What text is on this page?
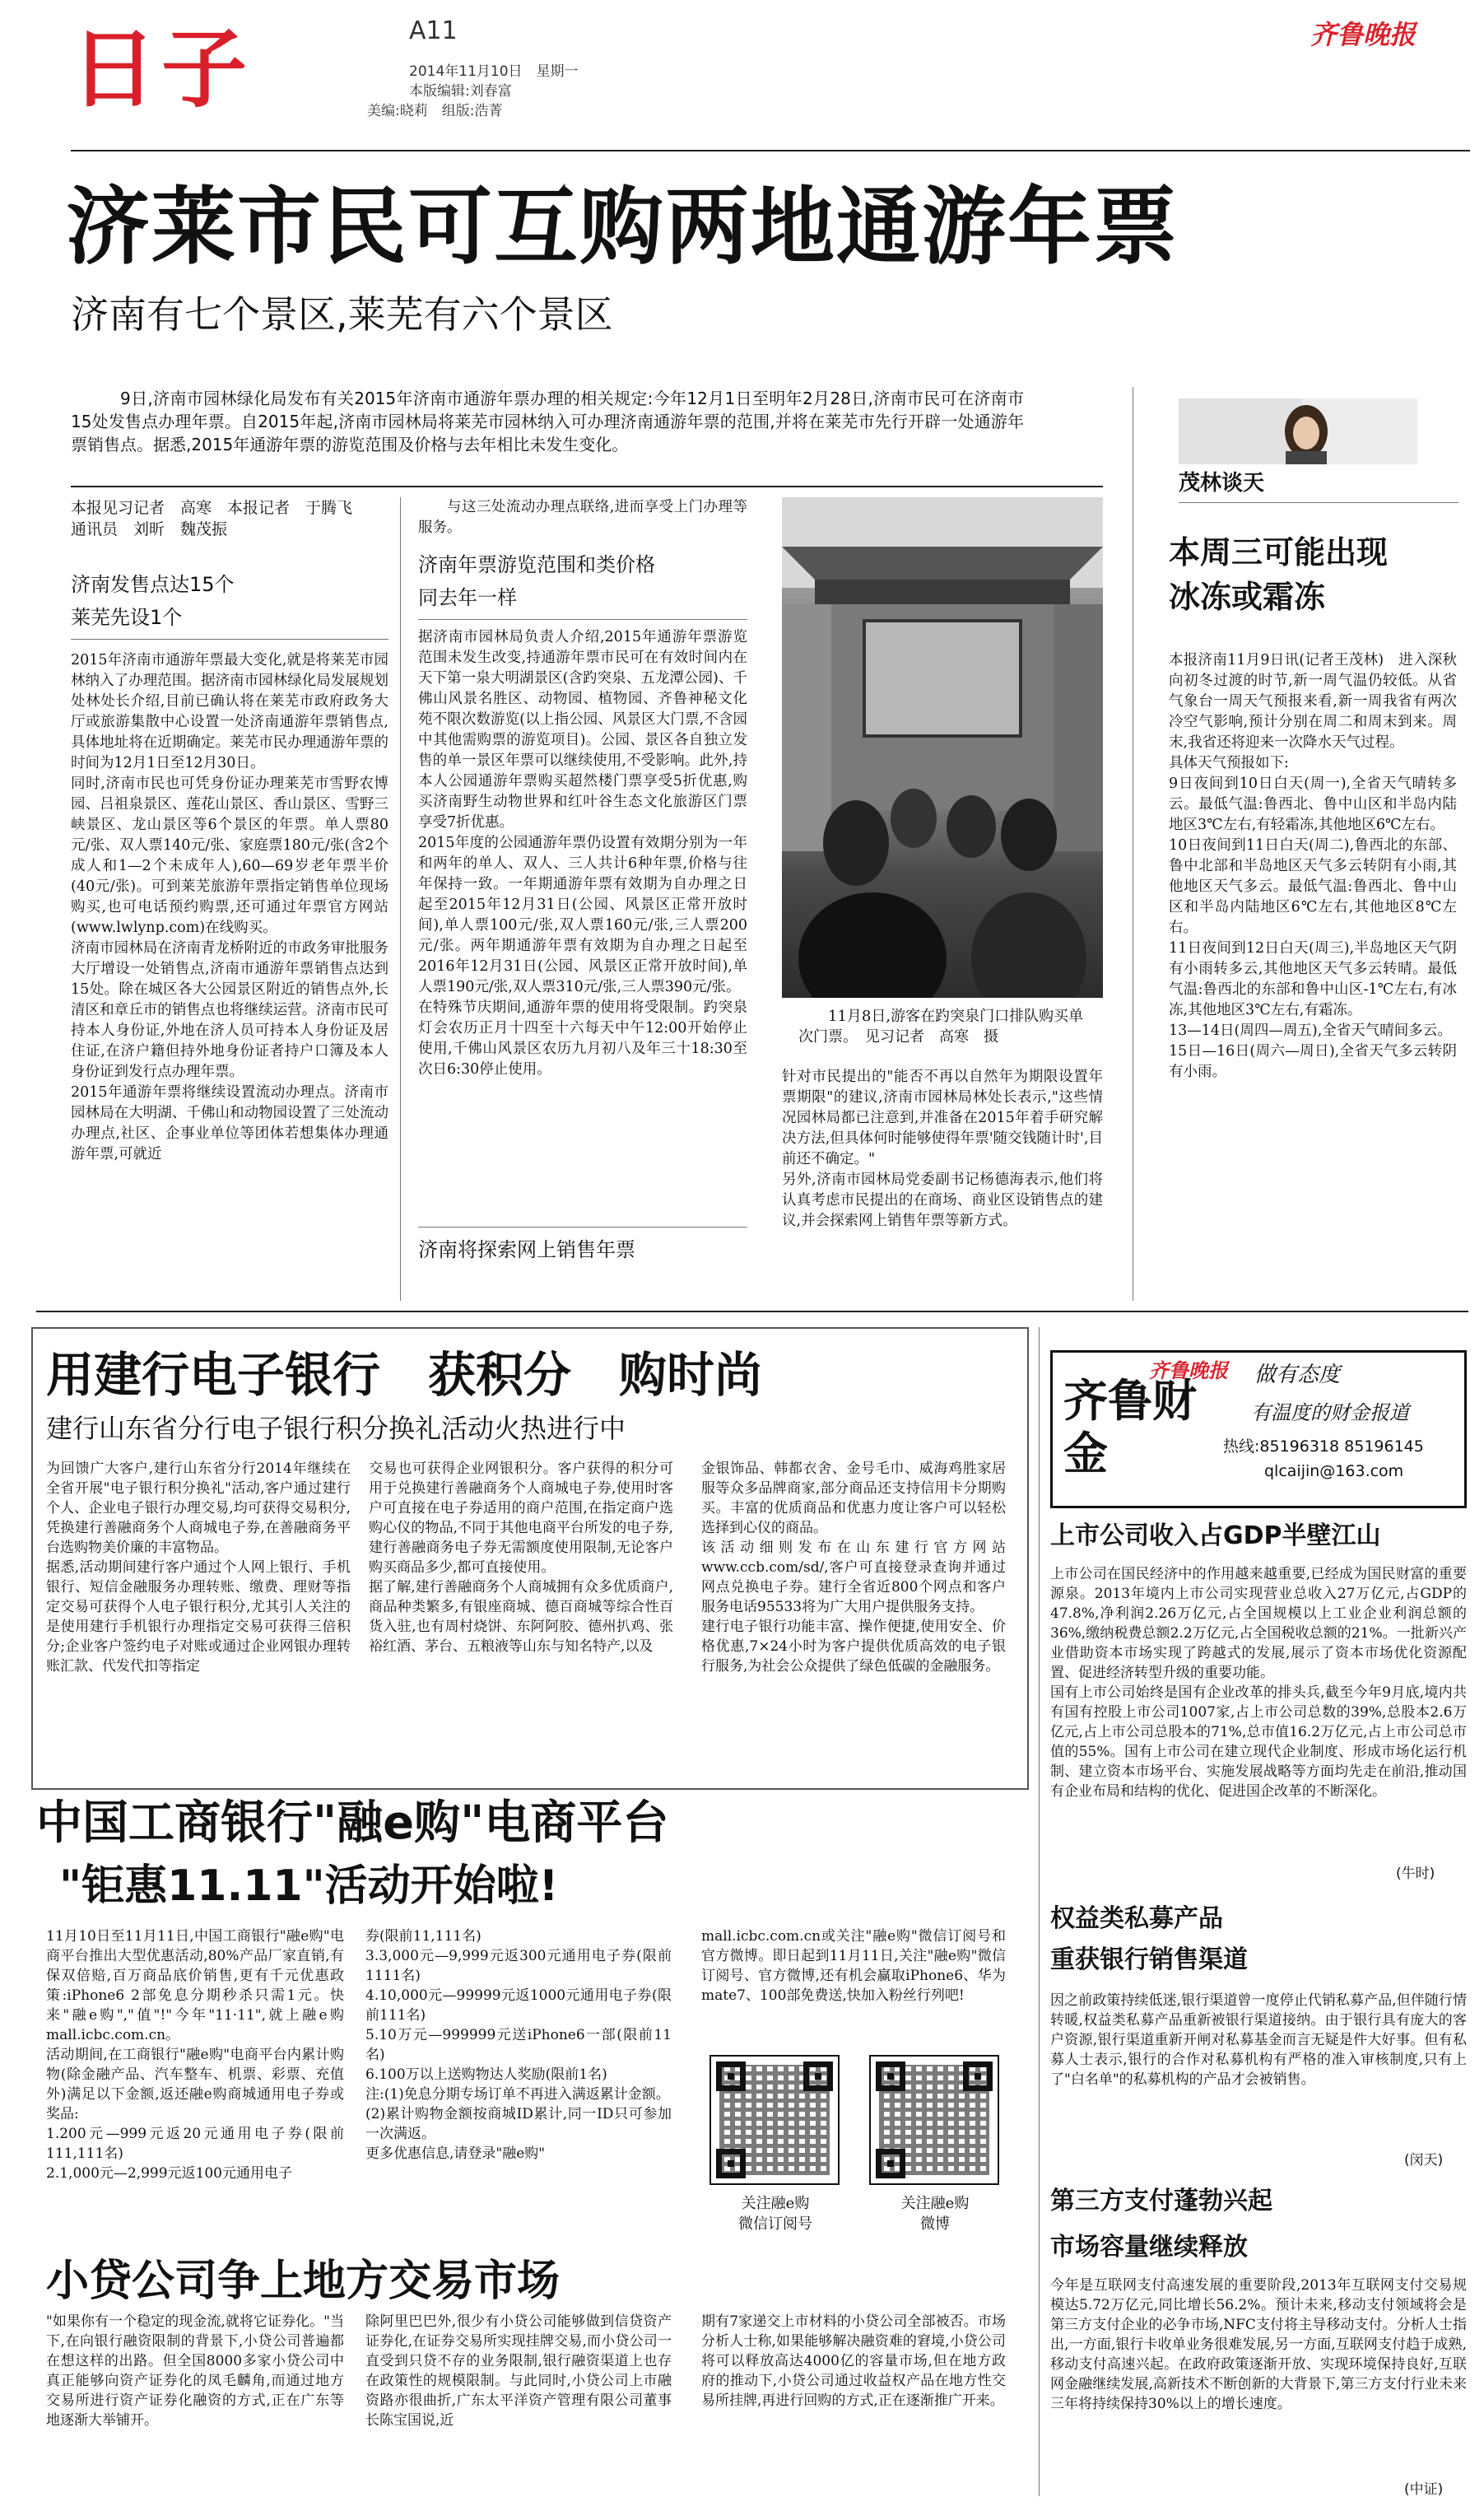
日子	A11
2014年11月10日　星期一
本版编辑:刘春富
美编:晓莉　组版:浩菁
齐鲁晚报
济莱市民可互购两地通游年票
济南有七个景区,莱芜有六个景区
9日,济南市园林绿化局发布有关2015年济南市通游年票办理的相关规定:今年12月1日至明年2月28日,济南市民可在济南市15处发售点办理年票。自2015年起,济南市园林局将莱芜市园林纳入可办理济南通游年票的范围,并将在莱芜市先行开辟一处通游年票销售点。据悉,2015年通游年票的游览范围及价格与去年相比未发生变化。
本报见习记者　高寒　本报记者　于腾飞
通讯员　刘昕　魏茂振
济南发售点达15个
莱芜先设1个
2015年济南市通游年票最大变化,就是将莱芜市园林纳入了办理范围。据济南市园林绿化局发展规划处林处长介绍,目前已确认将在莱芜市政府政务大厅或旅游集散中心设置一处济南通游年票销售点,具体地址将在近期确定。莱芜市民办理通游年票的时间为12月1日至12月30日。
同时,济南市民也可凭身份证办理莱芜市雪野农博园、吕祖泉景区、莲花山景区、香山景区、雪野三峡景区、龙山景区等6个景区的年票。单人票80元/张、双人票140元/张、家庭票180元/张(含2个成人和1—2个未成年人),60—69岁老年票半价(40元/张)。可到莱芜旅游年票指定销售单位现场购买,也可电话预约购票,还可通过年票官方网站(www.lwlynp.com)在线购买。
济南市园林局在济南青龙桥附近的市政务审批服务大厅增设一处销售点,济南市通游年票销售点达到15处。除在城区各大公园景区附近的销售点外,长清区和章丘市的销售点也将继续运营。济南市民可持本人身份证,外地在济人员可持本人身份证及居住证,在济户籍但持外地身份证者持户口簿及本人身份证到发行点办理年票。
2015年通游年票将继续设置流动办理点。济南市园林局在大明湖、千佛山和动物园设置了三处流动办理点,社区、企事业单位等团体若想集体办理通游年票,可就近
与这三处流动办理点联络,进而享受上门办理等服务。
济南年票游览范围和类价格
同去年一样
据济南市园林局负责人介绍,2015年通游年票游览范围未发生改变,持通游年票市民可在有效时间内在天下第一泉大明湖景区(含趵突泉、五龙潭公园)、千佛山风景名胜区、动物园、植物园、齐鲁神秘文化苑不限次数游览(以上指公园、风景区大门票,不含园中其他需购票的游览项目)。公园、景区各自独立发售的单一景区年票可以继续使用,不受影响。此外,持本人公园通游年票购买超然楼门票享受5折优惠,购买济南野生动物世界和红叶谷生态文化旅游区门票享受7折优惠。
2015年度的公园通游年票仍设置有效期分别为一年和两年的单人、双人、三人共计6种年票,价格与往年保持一致。一年期通游年票有效期为自办理之日起至2015年12月31日(公园、风景区正常开放时间),单人票100元/张,双人票160元/张,三人票200元/张。两年期通游年票有效期为自办理之日起至2016年12月31日(公园、风景区正常开放时间),单人票190元/张,双人票310元/张,三人票390元/张。
在特殊节庆期间,通游年票的使用将受限制。趵突泉灯会农历正月十四至十六每天中午12:00开始停止使用,千佛山风景区农历九月初八及年三十18:30至次日6:30停止使用。
济南将探索网上销售年票
11月8日,游客在趵突泉门口排队购买单次门票。　见习记者　高寒　摄
针对市民提出的"能否不再以自然年为期限设置年票期限"的建议,济南市园林局林处长表示,"这些情况园林局都已注意到,并准备在2015年着手研究解决方法,但具体何时能够使得年票'随交钱随计时',目前还不确定。"
另外,济南市园林局党委副书记杨德海表示,他们将认真考虑市民提出的在商场、商业区设销售点的建议,并会探索网上销售年票等新方式。
茂林谈天
本周三可能出现
冰冻或霜冻
本报济南11月9日讯(记者王茂林)　进入深秋向初冬过渡的时节,新一周气温仍较低。从省气象台一周天气预报来看,新一周我省有两次冷空气影响,预计分别在周二和周末到来。周末,我省还将迎来一次降水天气过程。
具体天气预报如下:
9日夜间到10日白天(周一),全省天气晴转多云。最低气温:鲁西北、鲁中山区和半岛内陆地区3℃左右,有轻霜冻,其他地区6℃左右。
10日夜间到11日白天(周二),鲁西北的东部、鲁中北部和半岛地区天气多云转阴有小雨,其他地区天气多云。最低气温:鲁西北、鲁中山区和半岛内陆地区6℃左右,其他地区8℃左右。
11日夜间到12日白天(周三),半岛地区天气阴有小雨转多云,其他地区天气多云转晴。最低气温:鲁西北的东部和鲁中山区-1℃左右,有冰冻,其他地区3℃左右,有霜冻。
13—14日(周四—周五),全省天气晴间多云。
15日—16日(周六—周日),全省天气多云转阴有小雨。
用建行电子银行　获积分　购时尚
建行山东省分行电子银行积分换礼活动火热进行中
为回馈广大客户,建行山东省分行2014年继续在全省开展"电子银行积分换礼"活动,客户通过建行个人、企业电子银行办理交易,均可获得交易积分,凭换建行善融商务个人商城电子券,在善融商务平台选购物美价廉的丰富物品。
据悉,活动期间建行客户通过个人网上银行、手机银行、短信金融服务办理转账、缴费、理财等指定交易可获得个人电子银行积分,尤其引人关注的是使用建行手机银行办理指定交易可获得三倍积分;企业客户签约电子对账或通过企业网银办理转账汇款、代发代扣等指定
交易也可获得企业网银积分。客户获得的积分可用于兑换建行善融商务个人商城电子券,使用时客户可直接在电子券适用的商户范围,在指定商户选购心仪的物品,不同于其他电商平台所发的电子券,建行善融商务电子券无需额度使用限制,无论客户购买商品多少,都可直接使用。
据了解,建行善融商务个人商城拥有众多优质商户,商品种类繁多,有银座商城、德百商城等综合性百货入驻,也有周村烧饼、东阿阿胶、德州扒鸡、张裕红酒、茅台、五粮液等山东与知名特产,以及
金银饰品、韩都衣舍、金号毛巾、威海鸡胜家居服等众多品牌商家,部分商品还支持信用卡分期购买。丰富的优质商品和优惠力度让客户可以轻松选择到心仪的商品。
该活动细则发布在山东建行官方网站www.ccb.com/sd/,客户可直接登录查询并通过网点兑换电子券。建行全省近800个网点和客户服务电话95533将为广大用户提供服务支持。
建行电子银行功能丰富、操作便捷,使用安全、价格优惠,7×24小时为客户提供优质高效的电子银行服务,为社会公众提供了绿色低碳的金融服务。
中国工商银行"融e购"电商平台
"钜惠11.11"活动开始啦!
11月10日至11月11日,中国工商银行"融e购"电商平台推出大型优惠活动,80%产品厂家直销,有保双倍赔,百万商品底价销售,更有千元优惠政策:iPhone6 2部免息分期秒杀只需1元。快来"融e购","值"!"今年"11·11",就上融e购mall.icbc.com.cn。
活动期间,在工商银行"融e购"电商平台内累计购物(除金融产品、汽车整车、机票、彩票、充值外)满足以下金额,返还融e购商城通用电子券或奖品:
1.200元—999元返20元通用电子券(限前111,111名)
2.1,000元—2,999元返100元通用电子
券(限前11,111名)
3.3,000元—9,999元返300元通用电子券(限前1111名)
4.10,000元—99999元返1000元通用电子券(限前111名)
5.10万元—999999元送iPhone6一部(限前11名)
6.100万以上送购物达人奖励(限前1名)
注:(1)免息分期专场订单不再进入满返累计金额。
(2)累计购物金额按商城ID累计,同一ID只可参加一次满返。
更多优惠信息,请登录"融e购"
mall.icbc.com.cn或关注"融e购"微信订阅号和官方微博。即日起到11月11日,关注"融e购"微信订阅号、官方微博,还有机会赢取iPhone6、华为mate7、100部免费送,快加入粉丝行列吧!
关注融e购
微信订阅号
关注融e购
微博
小贷公司争上地方交易市场
"如果你有一个稳定的现金流,就将它证券化。"当下,在向银行融资限制的背景下,小贷公司普遍都在想这样的出路。但全国8000多家小贷公司中真正能够向资产证券化的凤毛麟角,而通过地方交易所进行资产证券化融资的方式,正在广东等地逐渐大举铺开。
除阿里巴巴外,很少有小贷公司能够做到信贷资产证券化,在证券交易所实现挂牌交易,而小贷公司一直受到只贷不存的业务限制,银行融资渠道上也存在政策性的规模限制。与此同时,小贷公司上市融资路亦很曲折,广东太平洋资产管理有限公司董事长陈宝国说,近
期有7家递交上市材料的小贷公司全部被否。市场分析人士称,如果能够解决融资难的窘境,小贷公司将可以释放高达4000亿的容量市场,但在地方政府的推动下,小贷公司通过收益权产品在地方性交易所挂牌,再进行回购的方式,正在逐渐推广开来。
齐鲁财金
齐鲁晚报 做有态度
有温度的财金报道
热线:85196318 85196145
qlcaijin@163.com
上市公司收入占GDP半壁江山
上市公司在国民经济中的作用越来越重要,已经成为国民财富的重要源泉。2013年境内上市公司实现营业总收入27万亿元,占GDP的47.8%,净利润2.26万亿元,占全国规模以上工业企业利润总额的36%,缴纳税费总额2.2万亿元,占全国税收总额的21%。一批新兴产业借助资本市场实现了跨越式的发展,展示了资本市场优化资源配置、促进经济转型升级的重要功能。
国有上市公司始终是国有企业改革的排头兵,截至今年9月底,境内共有国有控股上市公司1007家,占上市公司总数的39%,总股本2.6万亿元,占上市公司总股本的71%,总市值16.2万亿元,占上市公司总市值的55%。国有上市公司在建立现代企业制度、形成市场化运行机制、建立资本市场平台、实施发展战略等方面均先走在前沿,推动国有企业布局和结构的优化、促进国企改革的不断深化。
(牛时)
权益类私募产品
重获银行销售渠道
因之前政策持续低迷,银行渠道曾一度停止代销私募产品,但伴随行情转暖,权益类私募产品重新被银行渠道接纳。由于银行具有庞大的客户资源,银行渠道重新开闸对私募基金而言无疑是件大好事。但有私募人士表示,银行的合作对私募机构有严格的准入审核制度,只有上了"白名单"的私募机构的产品才会被销售。
(闵天)
第三方支付蓬勃兴起
市场容量继续释放
今年是互联网支付高速发展的重要阶段,2013年互联网支付交易规模达5.72万亿元,同比增长56.2%。预计未来,移动支付领域将会是第三方支付企业的必争市场,NFC支付将主导移动支付。分析人士指出,一方面,银行卡收单业务很难发展,另一方面,互联网支付趋于成熟,移动支付高速兴起。在政府政策逐渐开放、实现环境保持良好,互联网金融继续发展,高新技术不断创新的大背景下,第三方支付行业未来三年将持续保持30%以上的增长速度。
(中证)
